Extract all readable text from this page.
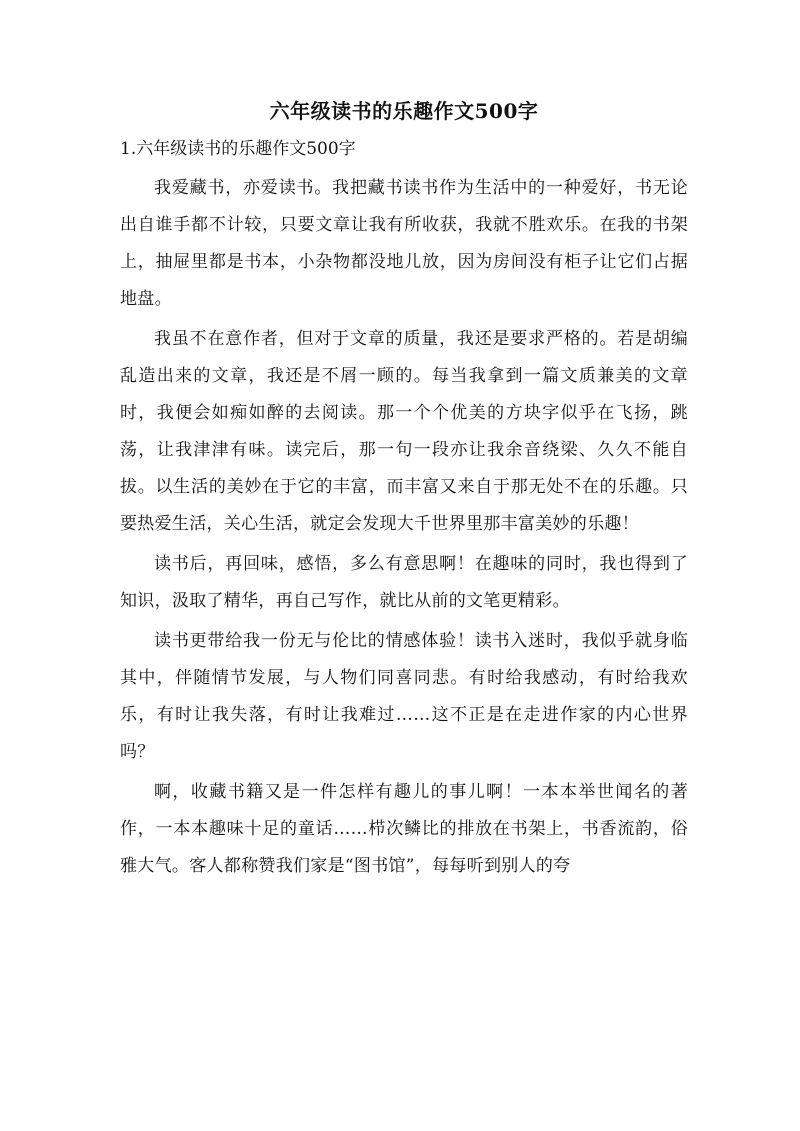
六年级读书的乐趣作文500字
1.六年级读书的乐趣作文500字

我爱藏书，亦爱读书。我把藏书读书作为生活中的一种爱好，书无论出自谁手都不计较，只要文章让我有所收获，我就不胜欢乐。在我的书架上，抽屉里都是书本，小杂物都没地儿放，因为房间没有柜子让它们占据地盘。

我虽不在意作者，但对于文章的质量，我还是要求严格的。若是胡编乱造出来的文章，我还是不屑一顾的。每当我拿到一篇文质兼美的文章时，我便会如痴如醉的去阅读。那一个个优美的方块字似乎在飞扬，跳荡，让我津津有味。读完后，那一句一段亦让我余音绕梁、久久不能自拔。以生活的美妙在于它的丰富，而丰富又来自于那无处不在的乐趣。只要热爱生活，关心生活，就定会发现大千世界里那丰富美妙的乐趣！

读书后，再回味，感悟，多么有意思啊！在趣味的同时，我也得到了知识，汲取了精华，再自己写作，就比从前的文笔更精彩。

读书更带给我一份无与伦比的情感体验！读书入迷时，我似乎就身临其中，伴随情节发展，与人物们同喜同悲。有时给我感动，有时给我欢乐，有时让我失落，有时让我难过……这不正是在走进作家的内心世界吗？

啊，收藏书籍又是一件怎样有趣儿的事儿啊！一本本举世闻名的著作，一本本趣味十足的童话……栉次鳞比的排放在书架上，书香流韵，俗雅大气。客人都称赞我们家是“图书馆”，每每听到别人的夸
